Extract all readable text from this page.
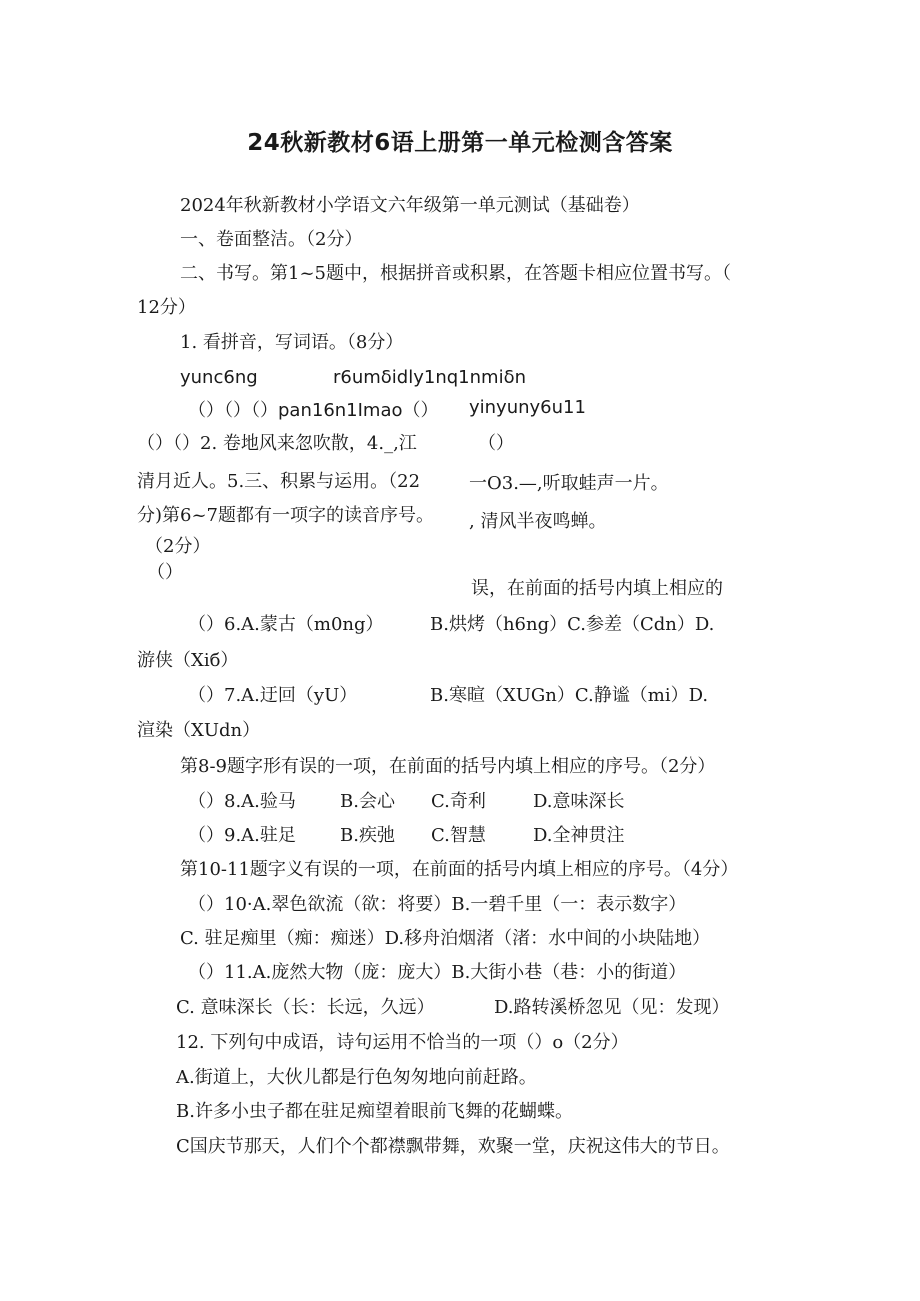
24秋新教材6语上册第一单元检测含答案
2024年秋新教材小学语文六年级第一单元测试（基础卷）
一、卷面整洁。（2分）
二、书写。第1~5题中，根据拼音或积累，在答题卡相应位置书写。（
12分）
1. 看拼音，写词语。（8分）
yunc6ng	r6umδidly1nq1nmiδn
（）（）（）pan16n1Imao（） yinyuny6u11
（）（）2. 卷地风来忽吹散，4._,江	（）
清月近人。5.三、积累与运用。（22	一O3.—,听取蛙声一片。
分)第6~7题都有一项字的读音序号。 , 清风半夜鸣蝉。
（2分）
（）
误，在前面的括号内填上相应的
（）6.A.蒙古（m0ng）	B.烘烤（h6ng）C.参差（Cdn）D.
游侠（Xiб）
（）7.A.迂回（yU）	B.寒暄（XUGn）C.静谧（mi）D.
渲染（XUdn）
第8-9题字形有误的一项，在前面的括号内填上相应的序号。（2分）
（）8.A.验马 B.会心 C.奇利	D.意味深长
（）9.A.驻足 B.疾弛 C.智慧	D.全神贯注
第10-11题字义有误的一项，在前面的括号内填上相应的序号。（4分）
（）10·A.翠色欲流（欲：将要）B.一碧千里（一：表示数字）
C. 驻足痴里（痴：痴迷）D.移舟泊烟渚（渚：水中间的小块陆地）
（）11.A.庞然大物（庞：庞大）B.大街小巷（巷：小的街道）
C. 意味深长（长：长远，久远）	D.路转溪桥忽见（见：发现）
12. 下列句中成语，诗句运用不恰当的一项（）o（2分）
A.街道上，大伙儿都是行色匆匆地向前赶路。
B.许多小虫子都在驻足痴望着眼前飞舞的花蝴蝶。
C国庆节那天，人们个个都襟飘带舞，欢聚一堂，庆祝这伟大的节日。
